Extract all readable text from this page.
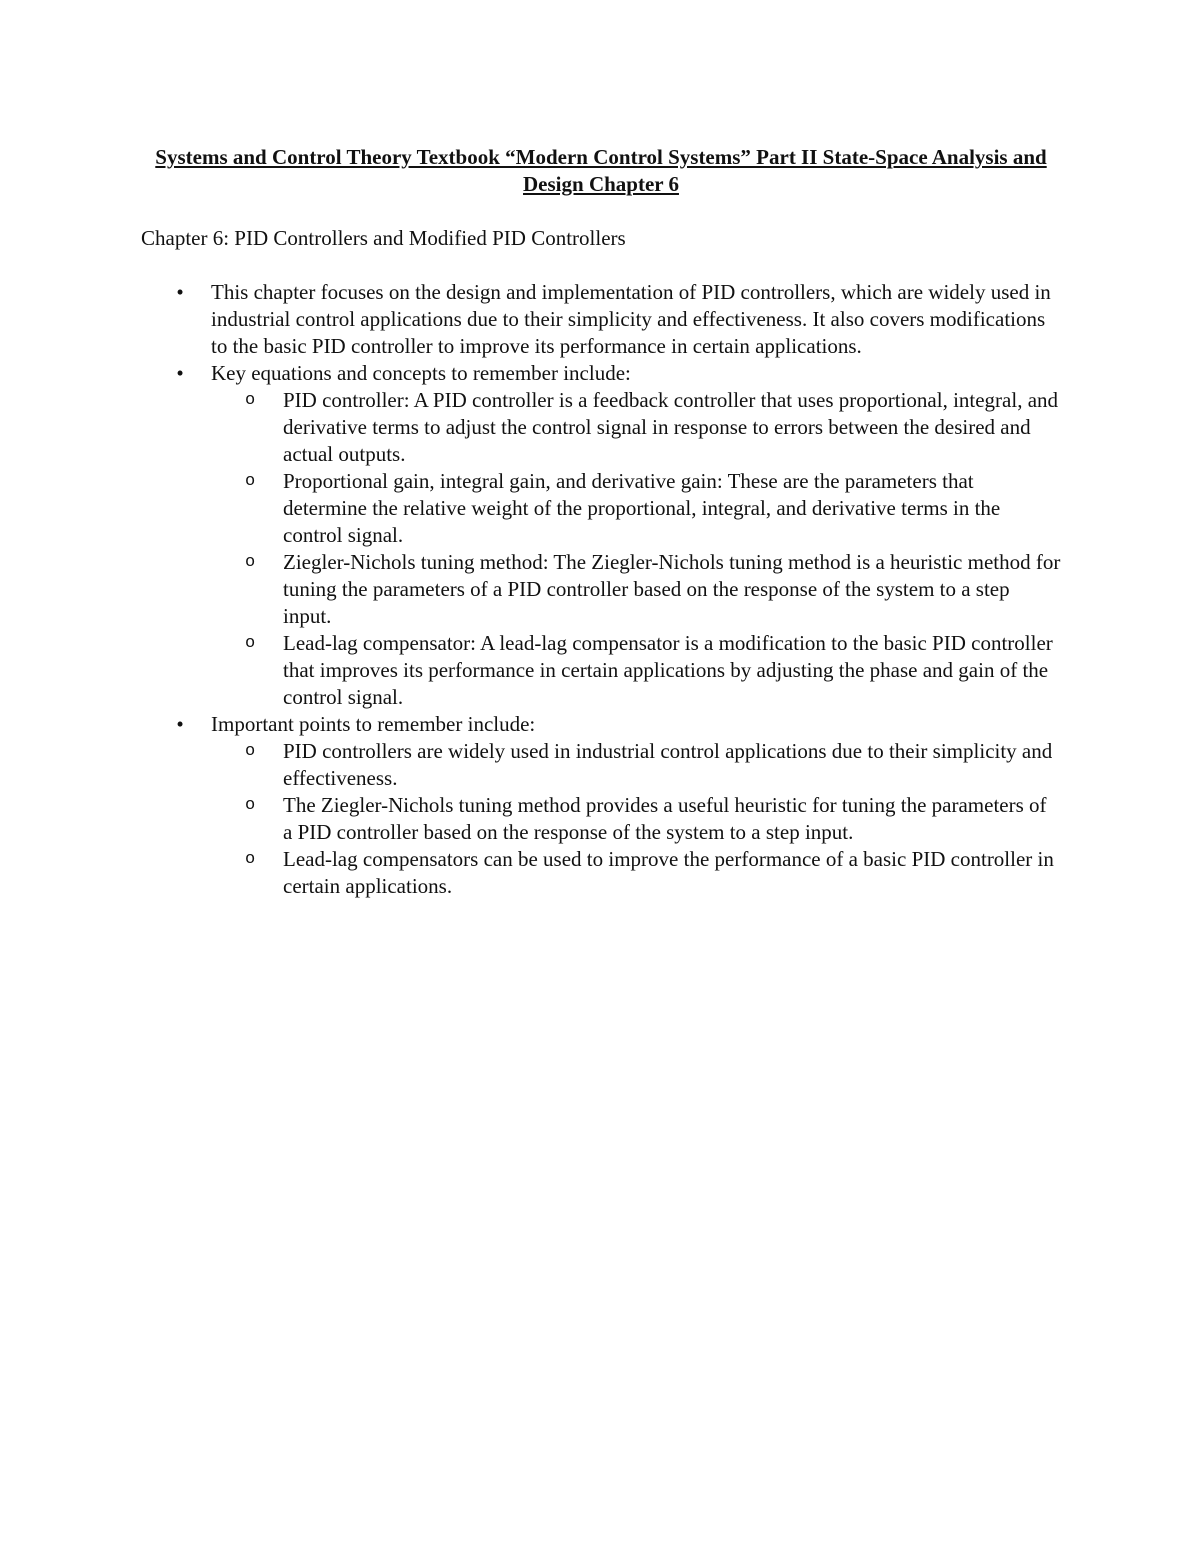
Systems and Control Theory Textbook “Modern Control Systems” Part II State-Space Analysis and Design Chapter 6

Chapter 6: PID Controllers and Modified PID Controllers

• This chapter focuses on the design and implementation of PID controllers, which are widely used in industrial control applications due to their simplicity and effectiveness. It also covers modifications to the basic PID controller to improve its performance in certain applications.
• Key equations and concepts to remember include:
o	PID controller: A PID controller is a feedback controller that uses proportional, integral, and derivative terms to adjust the control signal in response to errors between the desired and actual outputs.
o	Proportional gain, integral gain, and derivative gain: These are the parameters that determine the relative weight of the proportional, integral, and derivative terms in the control signal.
o	Ziegler-Nichols tuning method: The Ziegler-Nichols tuning method is a heuristic method for tuning the parameters of a PID controller based on the response of the system to a step input.
o	Lead-lag compensator: A lead-lag compensator is a modification to the basic PID controller that improves its performance in certain applications by adjusting the phase and gain of the control signal.
• Important points to remember include:
o	PID controllers are widely used in industrial control applications due to their simplicity and effectiveness.
o	The Ziegler-Nichols tuning method provides a useful heuristic for tuning the parameters of a PID controller based on the response of the system to a step input.
o	Lead-lag compensators can be used to improve the performance of a basic PID controller in certain applications.
